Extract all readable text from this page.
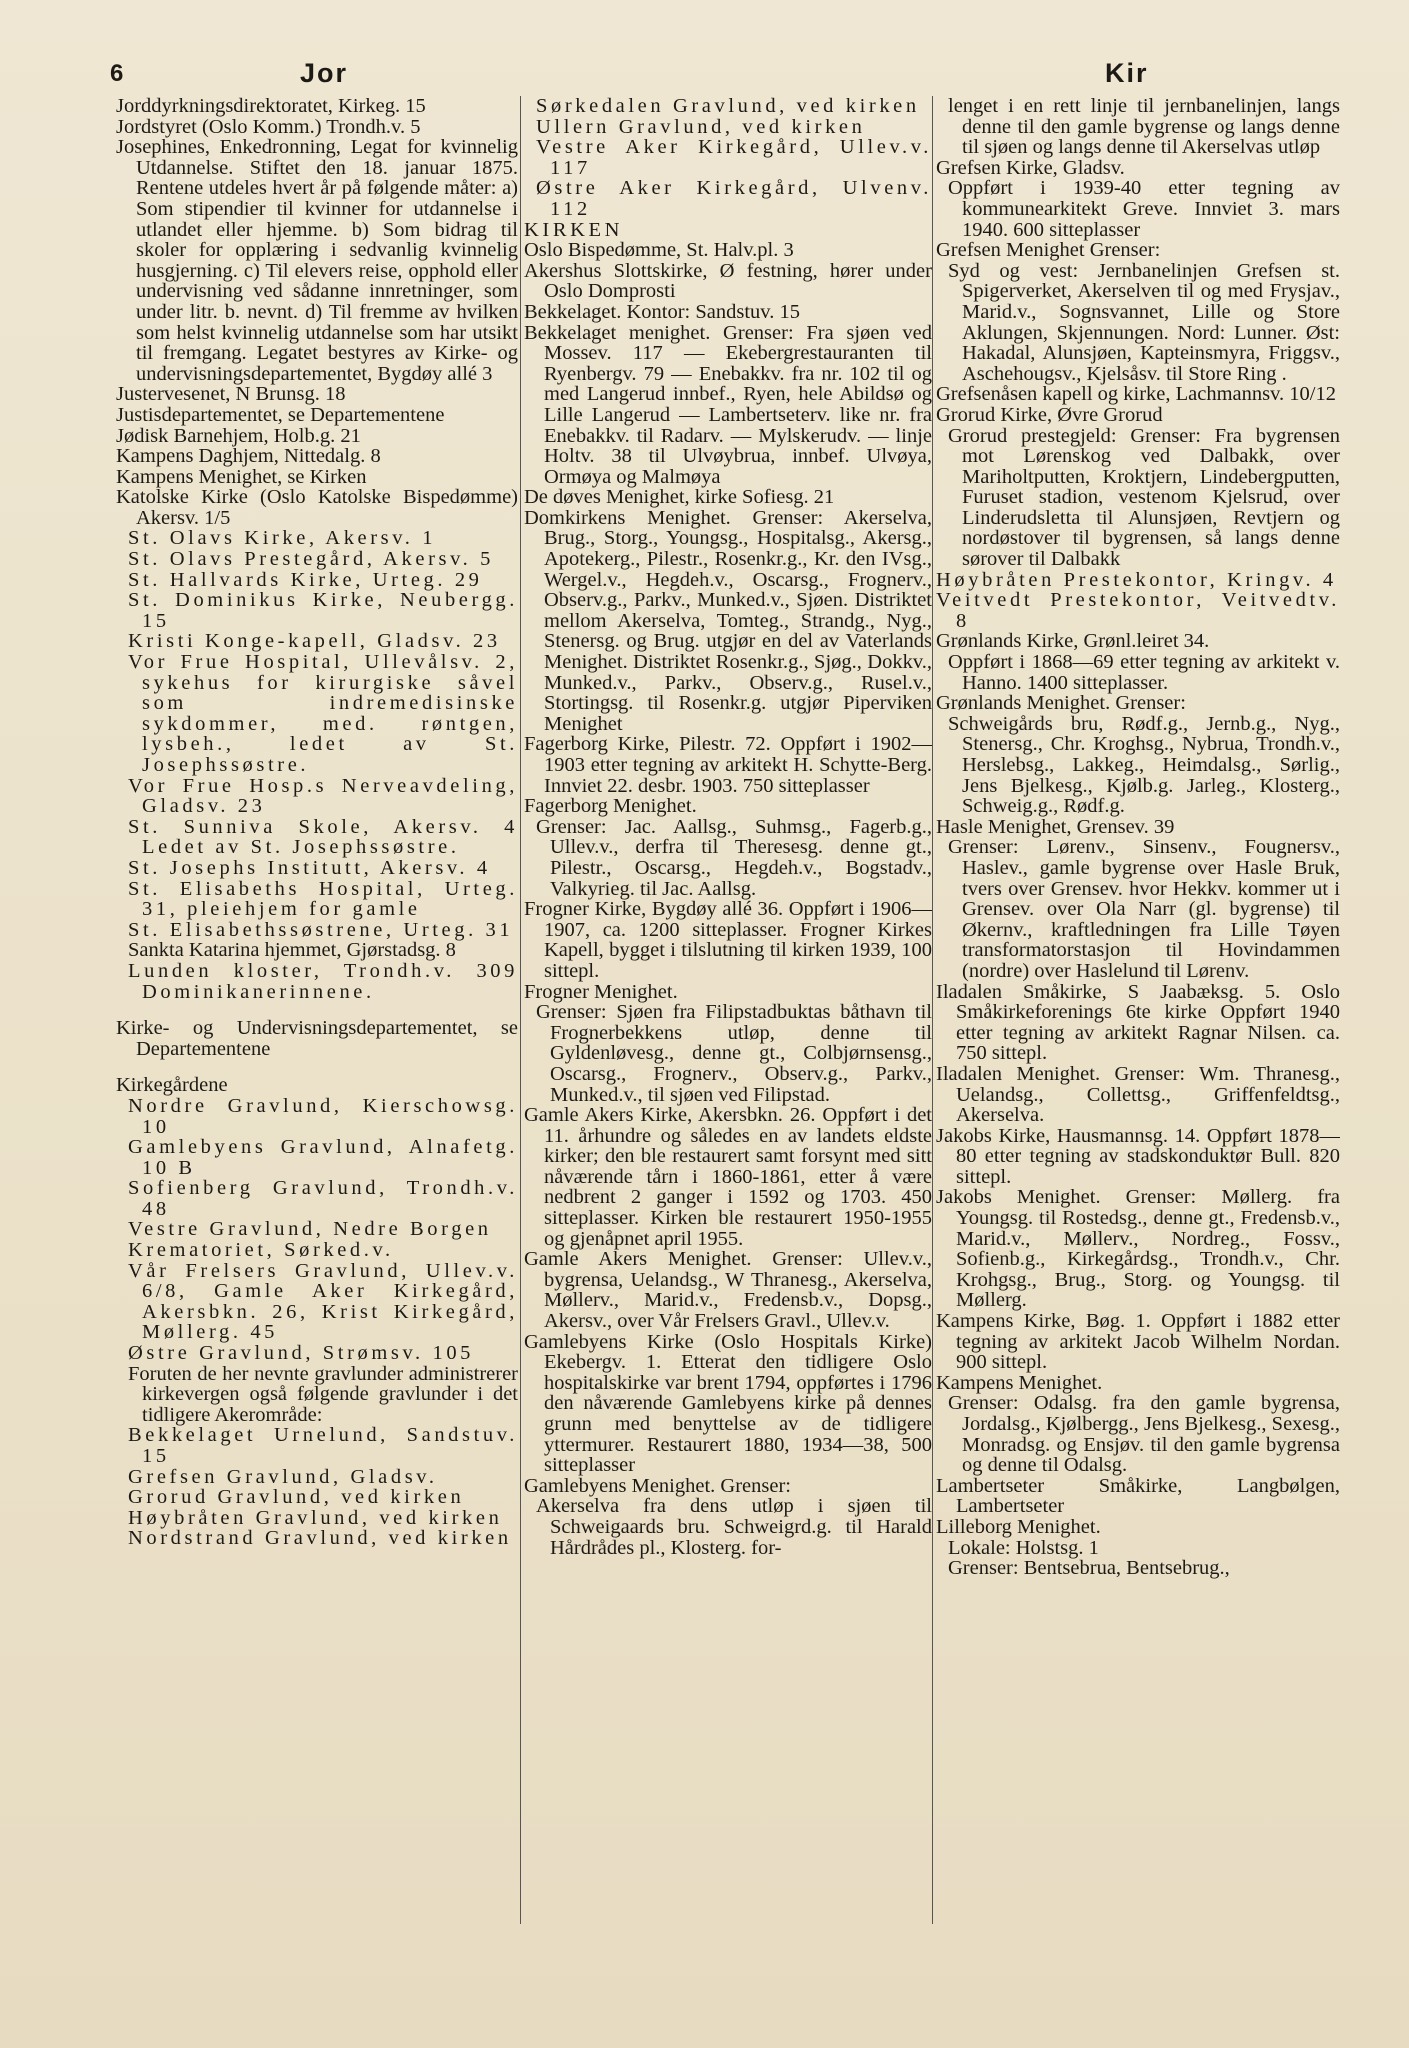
6	Jor	Kir

Jorddyrkningsdirektoratet, Kirkeg. 15

Jordstyret (Oslo Komm.) Trondh.v. 5

Josephines, Enkedronning, Legat for kvinnelig Utdannelse. Stiftet den 18. januar 1875. Rentene utdeles hvert år på følgende måter: a) Som stipendier til kvinner for utdannelse i utlandet eller hjemme. b) Som bidrag til skoler for opplæring i sedvanlig kvinnelig husgjerning. c) Til elevers reise, opphold eller undervisning ved sådanne innretninger, som under litr. b. nevnt. d) Til fremme av hvilken som helst kvinnelig utdannelse som har utsikt til fremgang. Legatet bestyres av Kirke- og undervisningsdepartementet, Bygdøy allé 3

Justervesenet, N Brunsg. 18

Justisdepartementet, se Departementene

Jødisk Barnehjem, Holb.g. 21

Kampens Daghjem, Nittedalg. 8

Kampens Menighet, se Kirken

Katolske Kirke (Oslo Katolske Bispedømme) Akersv. 1/5

St. Olavs Kirke, Akersv. 1

St. Olavs Prestegård, Akersv. 5

St. Hallvards Kirke, Urteg. 29

St. Dominikus Kirke, Neubergg. 15

Kristi Konge-kapell, Gladsv. 23

Vor Frue Hospital, Ullevålsv. 2, sykehus for kirurgiske såvel som indremedisinske sykdommer, med. røntgen, lysbeh., ledet av St. Josephssøstre.

Vor Frue Hosp.s Nerveavdeling, Gladsv. 23

St. Sunniva Skole, Akersv. 4 Ledet av St. Josephssøstre.

St. Josephs Institutt, Akersv. 4

St. Elisabeths Hospital, Urteg. 31, pleiehjem for gamle

St. Elisabethssøstrene, Urteg. 31

Sankta Katarina hjemmet, Gjørstadsg. 8

Lunden kloster, Trondh.v. 309 Dominikanerinnene.

Kirke- og Undervisningsdepartementet, se Departementene

Kirkegårdene

Nordre Gravlund, Kierschowsg. 10

Gamlebyens Gravlund, Alnafetg. 10 B

Sofienberg Gravlund, Trondh.v. 48

Vestre Gravlund, Nedre Borgen

Krematoriet, Sørked.v.

Vår Frelsers Gravlund, Ullev.v. 6/8, Gamle Aker Kirkegård, Akersbkn. 26, Krist Kirkegård, Møllerg. 45

Østre Gravlund, Strømsv. 105

Foruten de her nevnte gravlunder administrerer kirkevergen også følgende gravlunder i det tidligere Akerområde:

Bekkelaget Urnelund, Sandstuv. 15

Grefsen Gravlund, Gladsv.

Grorud Gravlund, ved kirken

Høybråten Gravlund, ved kirken

Nordstrand Gravlund, ved kirken

Sørkedalen Gravlund, ved kirken

Ullern Gravlund, ved kirken

Vestre Aker Kirkegård, Ullev.v. 117

Østre Aker Kirkegård, Ulvenv. 112

KIRKEN

Oslo Bispedømme, St. Halv.pl. 3

Akershus Slottskirke, Ø festning, hører under Oslo Domprosti

Bekkelaget. Kontor: Sandstuv. 15

Bekkelaget menighet. Grenser: Fra sjøen ved Mossev. 117 — Ekebergrestauranten til Ryenbergv. 79 — Enebakkv. fra nr. 102 til og med Langerud innbef., Ryen, hele Abildsø og Lille Langerud — Lambertseterv. like nr. fra Enebakkv. til Radarv. — Mylskerudv. — linje Holtv. 38 til Ulvøybrua, innbef. Ulvøya, Ormøya og Malmøya

De døves Menighet, kirke Sofiesg. 21

Domkirkens Menighet. Grenser: Akerselva, Brug., Storg., Youngsg., Hospitalsg., Akersg., Apotekerg., Pilestr., Rosenkr.g., Kr. den IVsg., Wergel.v., Hegdeh.v., Oscarsg., Frognerv., Observ.g., Parkv., Munked.v., Sjøen. Distriktet mellom Akerselva, Tomteg., Strandg., Nyg., Stenersg. og Brug. utgjør en del av Vaterlands Menighet. Distriktet Rosenkr.g., Sjøg., Dokkv., Munked.v., Parkv., Observ.g., Rusel.v., Stortingsg. til Rosenkr.g. utgjør Piperviken Menighet

Fagerborg Kirke, Pilestr. 72. Oppført i 1902—1903 etter tegning av arkitekt H. Schytte-Berg. Innviet 22. desbr. 1903. 750 sitteplasser

Fagerborg Menighet.

Grenser: Jac. Aallsg., Suhmsg., Fagerb.g., Ullev.v., derfra til Theresesg. denne gt., Pilestr., Oscarsg., Hegdeh.v., Bogstadv., Valkyrieg. til Jac. Aallsg.

Frogner Kirke, Bygdøy allé 36. Oppført i 1906—1907, ca. 1200 sitteplasser. Frogner Kirkes Kapell, bygget i tilslutning til kirken 1939, 100 sittepl.

Frogner Menighet.

Grenser: Sjøen fra Filipstadbuktas båthavn til Frognerbekkens utløp, denne til Gyldenløvesg., denne gt., Colbjørnsensg., Oscarsg., Frognerv., Observ.g., Parkv., Munked.v., til sjøen ved Filipstad.

Gamle Akers Kirke, Akersbkn. 26. Oppført i det 11. århundre og således en av landets eldste kirker; den ble restaurert samt forsynt med sitt nåværende tårn i 1860-1861, etter å være nedbrent 2 ganger i 1592 og 1703. 450 sitteplasser. Kirken ble restaurert 1950-1955 og gjenåpnet april 1955.

Gamle Akers Menighet. Grenser: Ullev.v., bygrensa, Uelandsg., W Thranesg., Akerselva, Møllerv., Marid.v., Fredensb.v., Dopsg., Akersv., over Vår Frelsers Gravl., Ullev.v.

Gamlebyens Kirke (Oslo Hospitals Kirke) Ekebergv. 1. Etterat den tidligere Oslo hospitalskirke var brent 1794, oppførtes i 1796 den nåværende Gamlebyens kirke på dennes grunn med benyttelse av de tidligere yttermurer. Restaurert 1880, 1934—38, 500 sitteplasser

Gamlebyens Menighet. Grenser:

Akerselva fra dens utløp i sjøen til Schweigaards bru. Schweigrd.g. til Harald Hårdrådes pl., Klosterg. for-

lenget i en rett linje til jernbanelinjen, langs denne til den gamle bygrense og langs denne til sjøen og langs denne til Akerselvas utløp

Grefsen Kirke, Gladsv.

Oppført i 1939-40 etter tegning av kommunearkitekt Greve. Innviet 3. mars 1940. 600 sitteplasser

Grefsen Menighet Grenser:

Syd og vest: Jernbanelinjen Grefsen st. Spigerverket, Akerselven til og med Frysjav., Marid.v., Sognsvannet, Lille og Store Aklungen, Skjennungen. Nord: Lunner. Øst: Hakadal, Alunsjøen, Kapteinsmyra, Friggsv., Aschehougsv., Kjelsåsv. til Store Ring .

Grefsenåsen kapell og kirke, Lachmannsv. 10/12

Grorud Kirke, Øvre Grorud

Grorud prestegjeld: Grenser: Fra bygrensen mot Lørenskog ved Dalbakk, over Mariholtputten, Kroktjern, Lindebergputten, Furuset stadion, vestenom Kjelsrud, over Linderudsletta til Alunsjøen, Revtjern og nordøstover til bygrensen, så langs denne sørover til Dalbakk

Høybråten Prestekontor, Kringv. 4

Veitvedt Prestekontor, Veitvedtv. 8

Grønlands Kirke, Grønl.leiret 34.

Oppført i 1868—69 etter tegning av arkitekt v. Hanno. 1400 sitteplasser.

Grønlands Menighet. Grenser:

Schweigårds bru, Rødf.g., Jernb.g., Nyg., Stenersg., Chr. Kroghsg., Nybrua, Trondh.v., Herslebsg., Lakkeg., Heimdalsg., Sørlig., Jens Bjelkesg., Kjølb.g. Jarleg., Klosterg., Schweig.g., Rødf.g.

Hasle Menighet, Grensev. 39

Grenser: Lørenv., Sinsenv., Fougnersv., Haslev., gamle bygrense over Hasle Bruk, tvers over Grensev. hvor Hekkv. kommer ut i Grensev. over Ola Narr (gl. bygrense) til Økernv., kraftledningen fra Lille Tøyen transformatorstasjon til Hovindammen (nordre) over Haslelund til Lørenv.

Iladalen Småkirke, S Jaabæksg. 5. Oslo Småkirkeforenings 6te kirke Oppført 1940 etter tegning av arkitekt Ragnar Nilsen. ca. 750 sittepl.

Iladalen Menighet. Grenser: Wm. Thranesg., Uelandsg., Collettsg., Griffenfeldtsg., Akerselva.

Jakobs Kirke, Hausmannsg. 14. Oppført 1878—80 etter tegning av stadskonduktør Bull. 820 sittepl.

Jakobs Menighet. Grenser: Møllerg. fra Youngsg. til Rostedsg., denne gt., Fredensb.v., Marid.v., Møllerv., Nordreg., Fossv., Sofienb.g., Kirkegårdsg., Trondh.v., Chr. Krohgsg., Brug., Storg. og Youngsg. til Møllerg.

Kampens Kirke, Bøg. 1. Oppført i 1882 etter tegning av arkitekt Jacob Wilhelm Nordan. 900 sittepl.

Kampens Menighet.

Grenser: Odalsg. fra den gamle bygrensa, Jordalsg., Kjølbergg., Jens Bjelkesg., Sexesg., Monradsg. og Ensjøv. til den gamle bygrensa og denne til Odalsg.

Lambertseter Småkirke, Langbølgen, Lambertseter

Lilleborg Menighet.

Lokale: Holstsg. 1

Grenser: Bentsebrua, Bentsebrug.,
